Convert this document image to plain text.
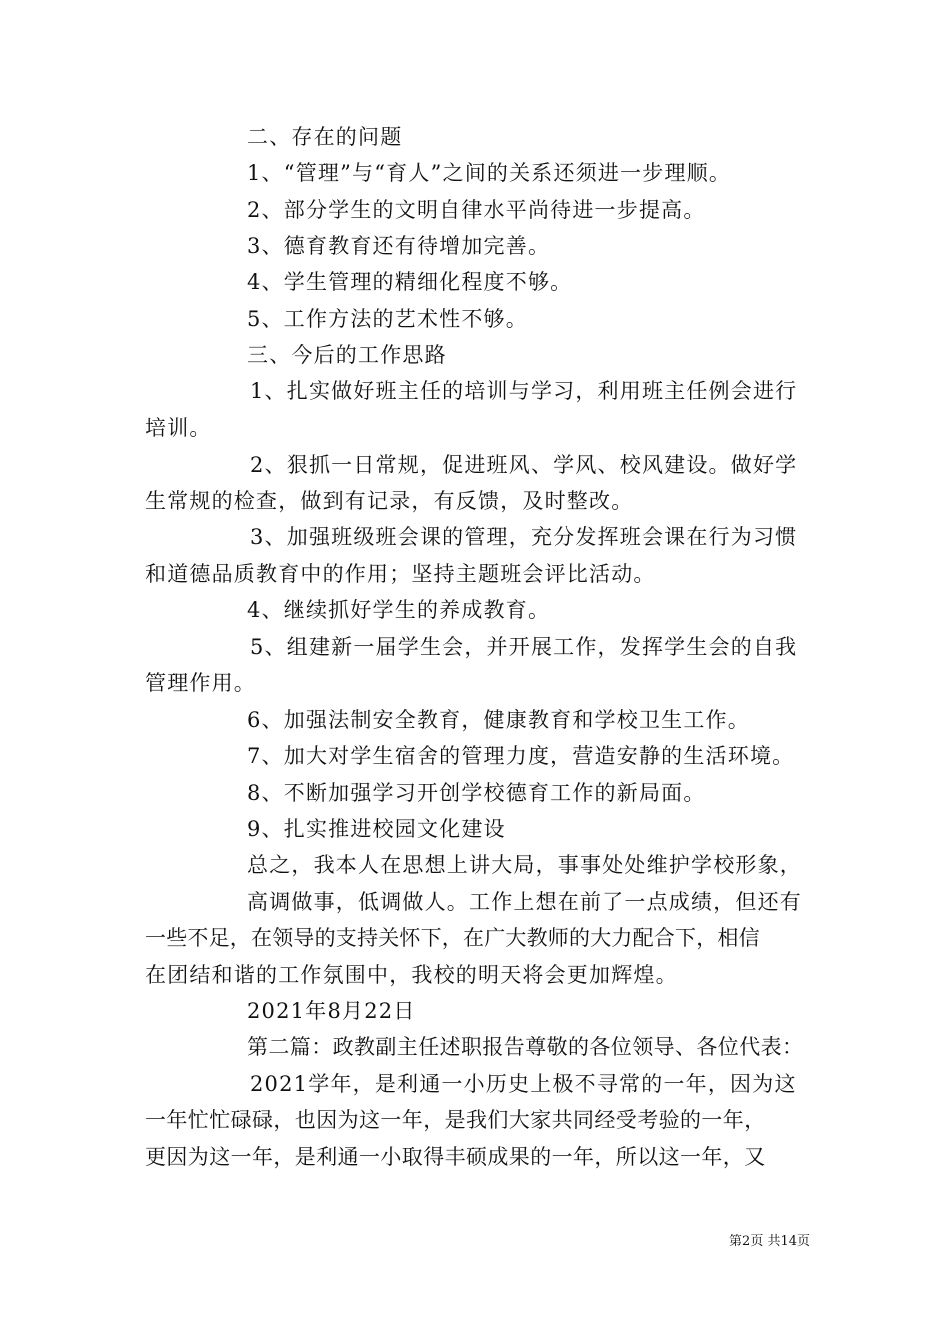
二、存在的问题
1、“管理”与“育人”之间的关系还须进一步理顺。
2、部分学生的文明自律水平尚待进一步提高。
3、德育教育还有待增加完善。
4、学生管理的精细化程度不够。
5、工作方法的艺术性不够。
三、今后的工作思路
1、扎实做好班主任的培训与学习，利用班主任例会进行
培训。
2、狠抓一日常规，促进班风、学风、校风建设。做好学
生常规的检查，做到有记录，有反馈，及时整改。
3、加强班级班会课的管理，充分发挥班会课在行为习惯
和道德品质教育中的作用；坚持主题班会评比活动。
4、继续抓好学生的养成教育。
5、组建新一届学生会，并开展工作，发挥学生会的自我
管理作用。
6、加强法制安全教育，健康教育和学校卫生工作。
7、加大对学生宿舍的管理力度，营造安静的生活环境。
8、不断加强学习开创学校德育工作的新局面。
9、扎实推进校园文化建设
总之，我本人在思想上讲大局，事事处处维护学校形象，
高调做事，低调做人。工作上想在前了一点成绩，但还有
一些不足，在领导的支持关怀下，在广大教师的大力配合下，相信
在团结和谐的工作氛围中，我校的明天将会更加辉煌。
2021年8月22日
第二篇：政教副主任述职报告尊敬的各位领导、各位代表：
2021学年，是利通一小历史上极不寻常的一年，因为这
一年忙忙碌碌，也因为这一年，是我们大家共同经受考验的一年，
更因为这一年，是利通一小取得丰硕成果的一年，所以这一年，又
第2页 共14页
